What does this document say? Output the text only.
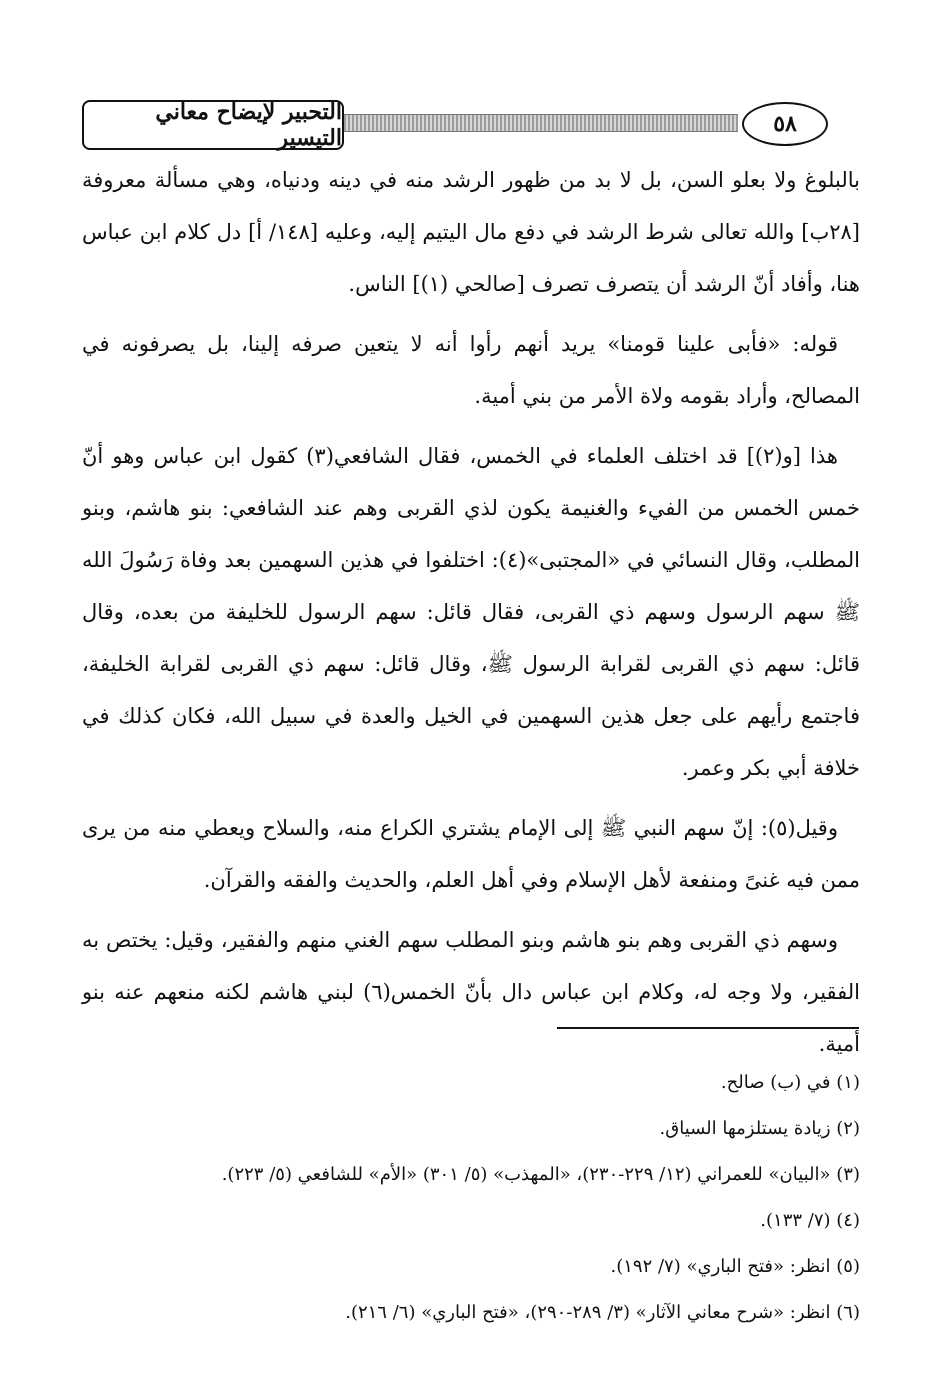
التحبير لإيضاح معاني التيسير
٥٨

بالبلوغ ولا بعلو السن، بل لا بد من ظهور الرشد منه في دينه ودنياه، وهي مسألة معروفة [٢٨ب] والله تعالى شرط الرشد في دفع مال اليتيم إليه، وعليه [١٤٨/ أ] دل كلام ابن عباس هنا، وأفاد أنّ الرشد أن يتصرف تصرف [صالحي (١)] الناس.

قوله: «فأبى علينا قومنا» يريد أنهم رأوا أنه لا يتعين صرفه إلينا، بل يصرفونه في المصالح، وأراد بقومه ولاة الأمر من بني أمية.

هذا [و(٢)] قد اختلف العلماء في الخمس، فقال الشافعي(٣) كقول ابن عباس وهو أنّ خمس الخمس من الفيء والغنيمة يكون لذي القربى وهم عند الشافعي: بنو هاشم، وبنو المطلب، وقال النسائي في «المجتبى»(٤): اختلفوا في هذين السهمين بعد وفاة رَسُولَ الله ﷺ سهم الرسول وسهم ذي القربى، فقال قائل: سهم الرسول للخليفة من بعده، وقال قائل: سهم ذي القربى لقرابة الرسول ﷺ، وقال قائل: سهم ذي القربى لقرابة الخليفة، فاجتمع رأيهم على جعل هذين السهمين في الخيل والعدة في سبيل الله، فكان كذلك في خلافة أبي بكر وعمر.

وقيل(٥): إنّ سهم النبي ﷺ إلى الإمام يشتري الكراع منه، والسلاح ويعطي منه من يرى ممن فيه غنىً ومنفعة لأهل الإسلام وفي أهل العلم، والحديث والفقه والقرآن.

وسهم ذي القربى وهم بنو هاشم وبنو المطلب سهم الغني منهم والفقير، وقيل: يختص به الفقير، ولا وجه له، وكلام ابن عباس دال بأنّ الخمس(٦) لبني هاشم لكنه منعهم عنه بنو أمية.

(١) في (ب) صالح.
(٢) زيادة يستلزمها السياق.
(٣) «البيان» للعمراني (١٢/ ٢٢٩-٢٣٠)، «المهذب» (٥/ ٣٠١) «الأم» للشافعي (٥/ ٢٢٣).
(٤) (٧/ ١٣٣).
(٥) انظر: «فتح الباري» (٧/ ١٩٢).
(٦) انظر: «شرح معاني الآثار» (٣/ ٢٨٩-٢٩٠)، «فتح الباري» (٦/ ٢١٦).
